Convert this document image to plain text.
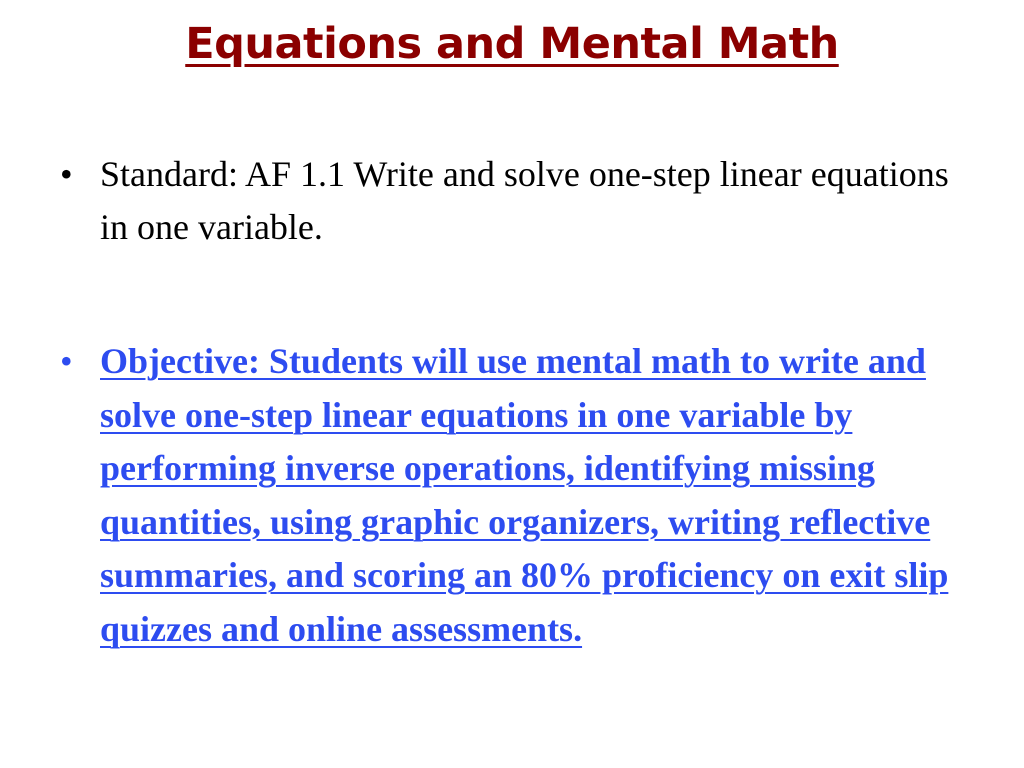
Equations and Mental Math
• Standard: AF 1.1 Write and solve one-step linear equations in one variable.
• Objective: Students will use mental math to write and solve one-step linear equations in one variable by performing inverse operations, identifying missing quantities, using graphic organizers, writing reflective summaries, and scoring an 80% proficiency on exit slip quizzes and online assessments.
